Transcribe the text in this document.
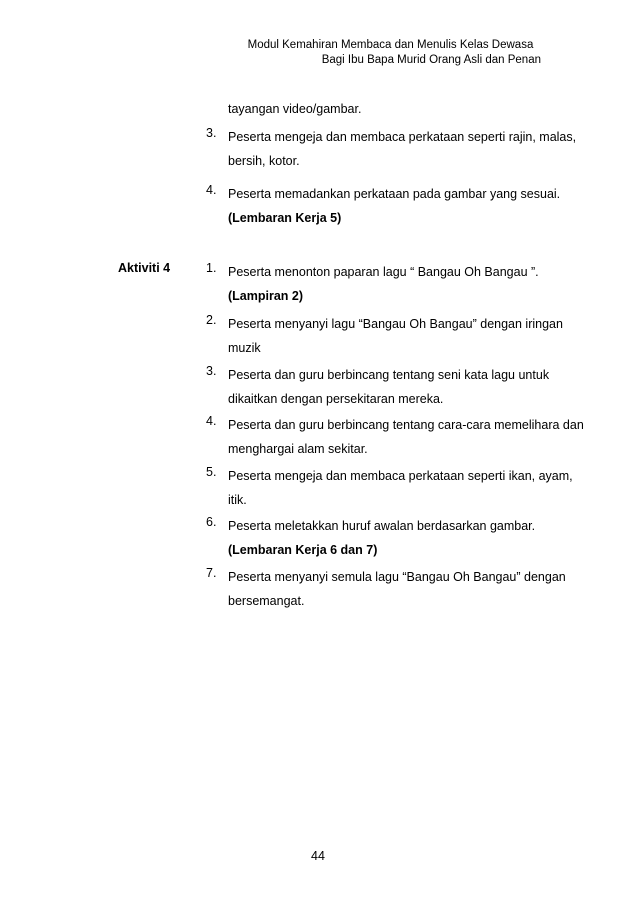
Modul Kemahiran Membaca dan Menulis Kelas Dewasa
Bagi Ibu Bapa Murid Orang Asli dan Penan
tayangan video/gambar.
3. Peserta mengeja dan membaca perkataan seperti rajin, malas,
bersih, kotor.
4. Peserta memadankan perkataan pada gambar yang sesuai.
(Lembaran Kerja 5)
Aktiviti 4	1. Peserta menonton paparan lagu “ Bangau Oh Bangau ”.
(Lampiran 2)
2. Peserta menyanyi lagu “Bangau Oh Bangau” dengan iringan
muzik
3. Peserta dan guru berbincang tentang seni kata lagu untuk
dikaitkan dengan persekitaran mereka.
4. Peserta dan guru berbincang tentang cara-cara memelihara dan
menghargai alam sekitar.
5. Peserta mengeja dan membaca perkataan seperti ikan, ayam,
itik.
6. Peserta meletakkan huruf awalan berdasarkan gambar.
(Lembaran Kerja 6 dan 7)
7. Peserta menyanyi semula lagu “Bangau Oh Bangau” dengan
bersemangat.
44
